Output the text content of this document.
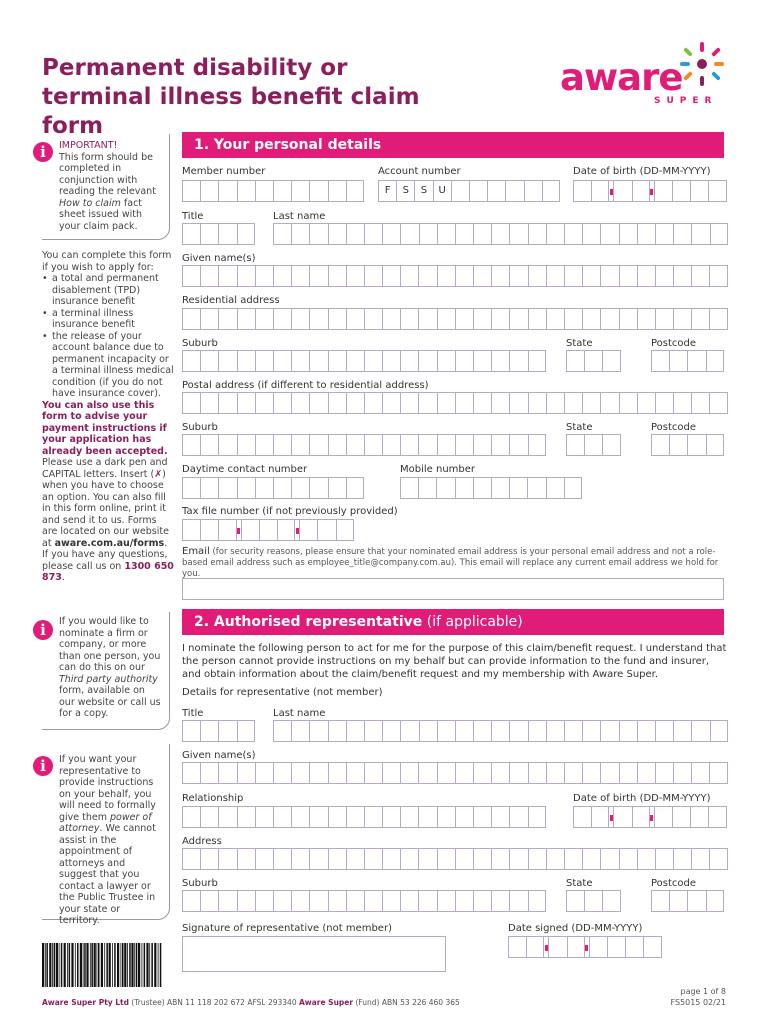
Permanent disability or terminal illness benefit claim form
aware
SUPER
i	IMPORTANT!
This form should be completed in conjunction with reading the relevant How to claim fact sheet issued with your claim pack.
You can complete this form if you wish to apply for:
• a total and permanent disablement (TPD) insurance benefit
• a terminal illness insurance benefit
• the release of your account balance due to permanent incapacity or a terminal illness medical condition (if you do not have insurance cover).
You can also use this form to advise your payment instructions if your application has already been accepted.
Please use a dark pen and CAPITAL letters. Insert (✗) when you have to choose an option. You can also fill in this form online, print it and send it to us. Forms are located on our website at aware.com.au/forms.
If you have any questions, please call us on 1300 650 873.
i	If you would like to nominate a firm or company, or more than one person, you can do this on our Third party authority form, available on our website or call us for a copy.
i	If you want your representative to provide instructions on your behalf, you will need to formally give them power of attorney. We cannot assist in the appointment of attorneys and suggest that you contact a lawyer or the Public Trustee in your state or territory.
1. Your personal details
Member number	Account number	Date of birth (DD-MM-YYYY)
F	S	S	U
Title	Last name
Given name(s)
Residential address
Suburb	State	Postcode
Postal address (if different to residential address)
Suburb	State	Postcode
Daytime contact number	Mobile number
Tax file number (if not previously provided)
Email (for security reasons, please ensure that your nominated email address is your personal email address and not a role-based email address such as employee_title@company.com.au). This email will replace any current email address we hold for you.
2. Authorised representative (if applicable)
I nominate the following person to act for me for the purpose of this claim/benefit request. I understand that the person cannot provide instructions on my behalf but can provide information to the fund and insurer, and obtain information about the claim/benefit request and my membership with Aware Super.
Details for representative (not member)
Title	Last name
Given name(s)
Relationship	Date of birth (DD-MM-YYYY)
Address
Suburb	State	Postcode
Signature of representative (not member)	Date signed (DD-MM-YYYY)
Aware Super Pty Ltd (Trustee) ABN 11 118 202 672 AFSL 293340 Aware Super (Fund) ABN 53 226 460 365
page 1 of 8
FS5015 02/21
